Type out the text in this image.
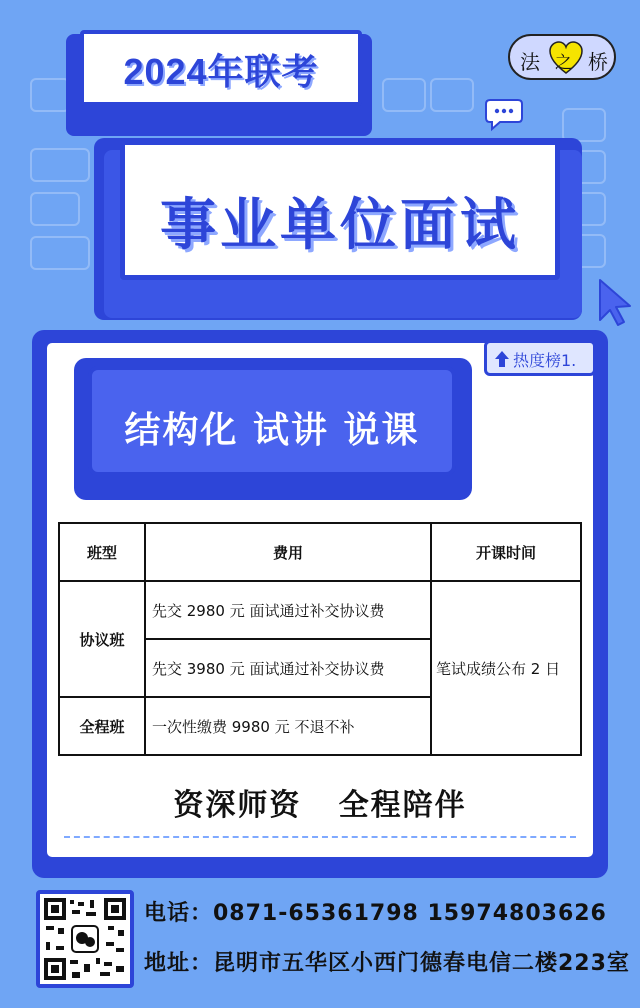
法 之 桥
2024年联考
事业单位面试
热度榜1.
结构化 试讲 说课
班型	费用	开课时间
协议班	先交 2980 元 面试通过补交协议费	笔试成绩公布 2 日
	先交 3980 元 面试通过补交协议费	
全程班	一次性缴费 9980 元 不退不补	
资深师资   全程陪伴
电话：0871-65361798 15974803626
地址：昆明市五华区小西门德春电信二楼223室
